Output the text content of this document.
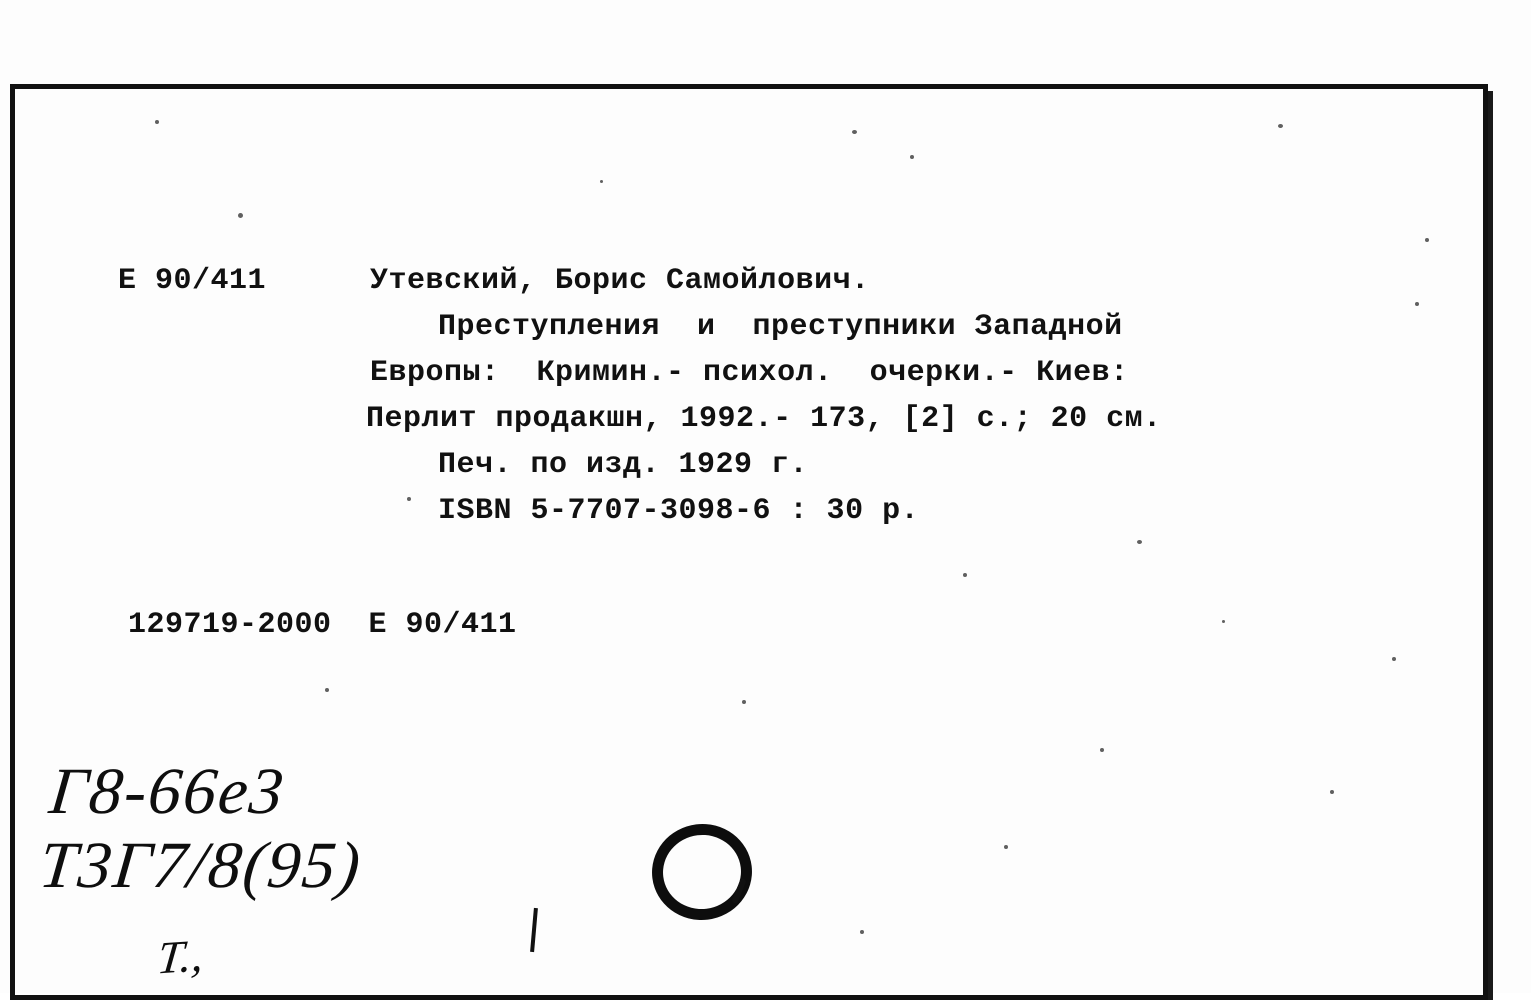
Е 90/411	Утевский, Борис Самойлович.
Преступления  и  преступники Западной
Европы:  Кримин.- психол.  очерки.- Киев:
Перлит продакшн, 1992.- 173, [2] с.; 20 см.
Печ. по изд. 1929 г.
ISBN 5-7707-3098-6 : 30 р.
129719-2000  Е 90/411
Г8-66е3
Т3Г7/8(95)
Т.,
